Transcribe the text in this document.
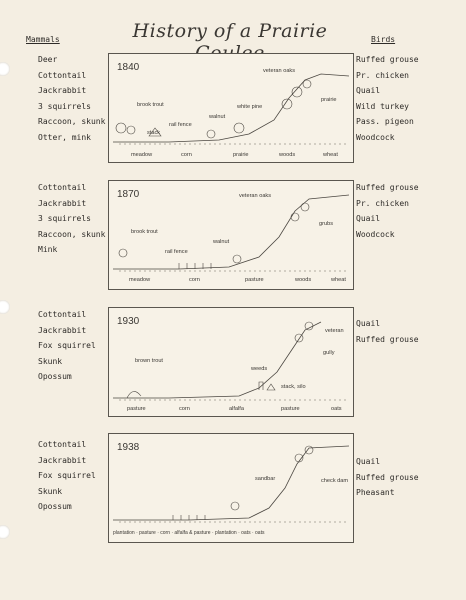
Mammals	History of a Prairie	Birds
Deer
Cottontail
Jackrabbit
3 squirrels
Raccoon, skunk
Otter, mink
1840	veteran oaks
prairie
brook trout
stack
rail fence
walnut
white pine
meadow	corn	prairie	woods	wheat
Ruffed grouse
Pr. chicken
Quail
Wild turkey
Pass. pigeon
Woodcock
Cottontail
Jackrabbit
3 squirrels
Raccoon, skunk
Mink
1870	veteran oaks
grubs
brook trout
rail fence
walnut
meadow	corn	pasture	woods	wheat
Ruffed grouse
Pr. chicken
Quail
Woodcock
Cottontail
Jackrabbit
Fox squirrel
Skunk
Opossum
1930
veteran
gully
brown trout
weeds
stack, silo
pasture	corn	alfalfa	pasture	oats
Quail
Ruffed grouse
Cottontail
Jackrabbit
Fox squirrel
Skunk
Opossum
1938
sandbar	check dam
plantation · pasture · corn · alfalfa & pasture · plantation · oats · oats
Quail
Ruffed grouse
Pheasant
